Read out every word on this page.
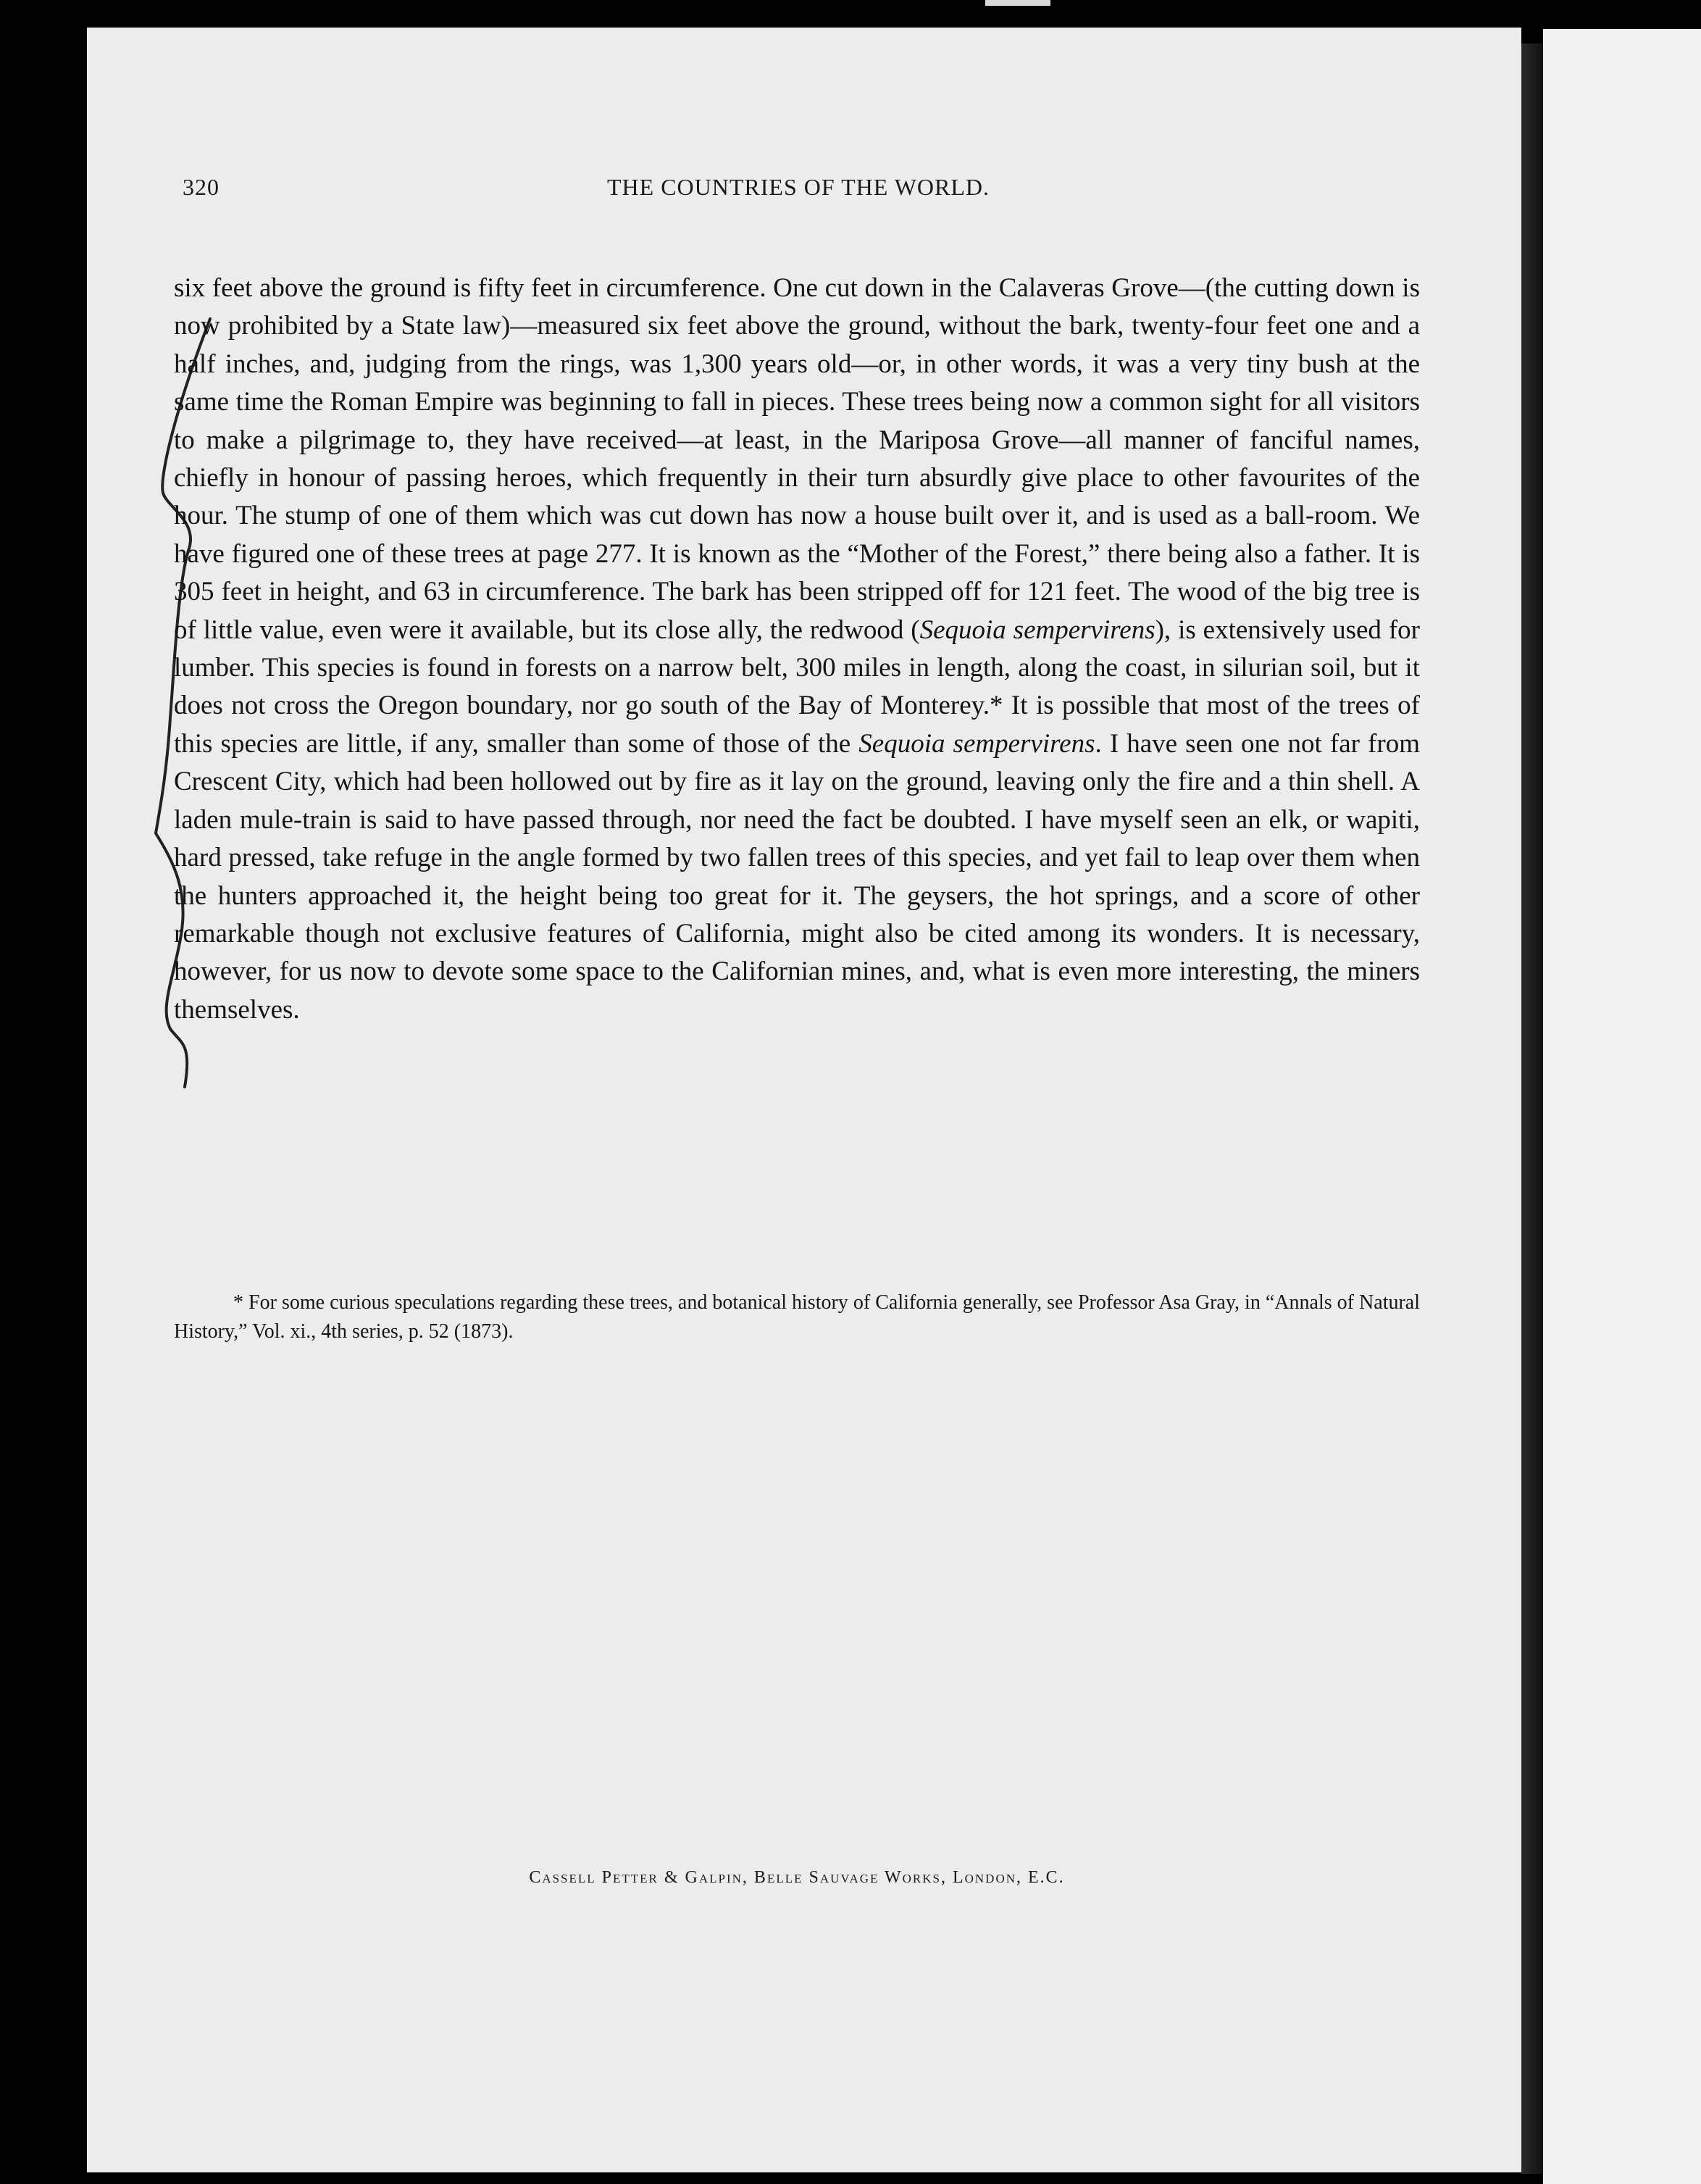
320	THE COUNTRIES OF THE WORLD.

six feet above the ground is fifty feet in circumference. One cut down in the Calaveras Grove—(the cutting down is now prohibited by a State law)—measured six feet above the ground, without the bark, twenty-four feet one and a half inches, and, judging from the rings, was 1,300 years old—or, in other words, it was a very tiny bush at the same time the Roman Empire was beginning to fall in pieces. These trees being now a common sight for all visitors to make a pilgrimage to, they have received—at least, in the Mariposa Grove—all manner of fanciful names, chiefly in honour of passing heroes, which frequently in their turn absurdly give place to other favourites of the hour. The stump of one of them which was cut down has now a house built over it, and is used as a ball-room. We have figured one of these trees at page 277. It is known as the “Mother of the Forest,” there being also a father. It is 305 feet in height, and 63 in circumference. The bark has been stripped off for 121 feet. The wood of the big tree is of little value, even were it available, but its close ally, the redwood (Sequoia sempervirens), is extensively used for lumber. This species is found in forests on a narrow belt, 300 miles in length, along the coast, in silurian soil, but it does not cross the Oregon boundary, nor go south of the Bay of Monterey.* It is possible that most of the trees of this species are little, if any, smaller than some of those of the Sequoia sempervirens. I have seen one not far from Crescent City, which had been hollowed out by fire as it lay on the ground, leaving only the fire and a thin shell. A laden mule-train is said to have passed through, nor need the fact be doubted. I have myself seen an elk, or wapiti, hard pressed, take refuge in the angle formed by two fallen trees of this species, and yet fail to leap over them when the hunters approached it, the height being too great for it. The geysers, the hot springs, and a score of other remarkable though not exclusive features of California, might also be cited among its wonders. It is necessary, however, for us now to devote some space to the Californian mines, and, what is even more interesting, the miners themselves.

* For some curious speculations regarding these trees, and botanical history of California generally, see Professor Asa Gray, in “Annals of Natural History,” Vol. xi., 4th series, p. 52 (1873).

Cassell Petter & Galpin, Belle Sauvage Works, London, E.C.
